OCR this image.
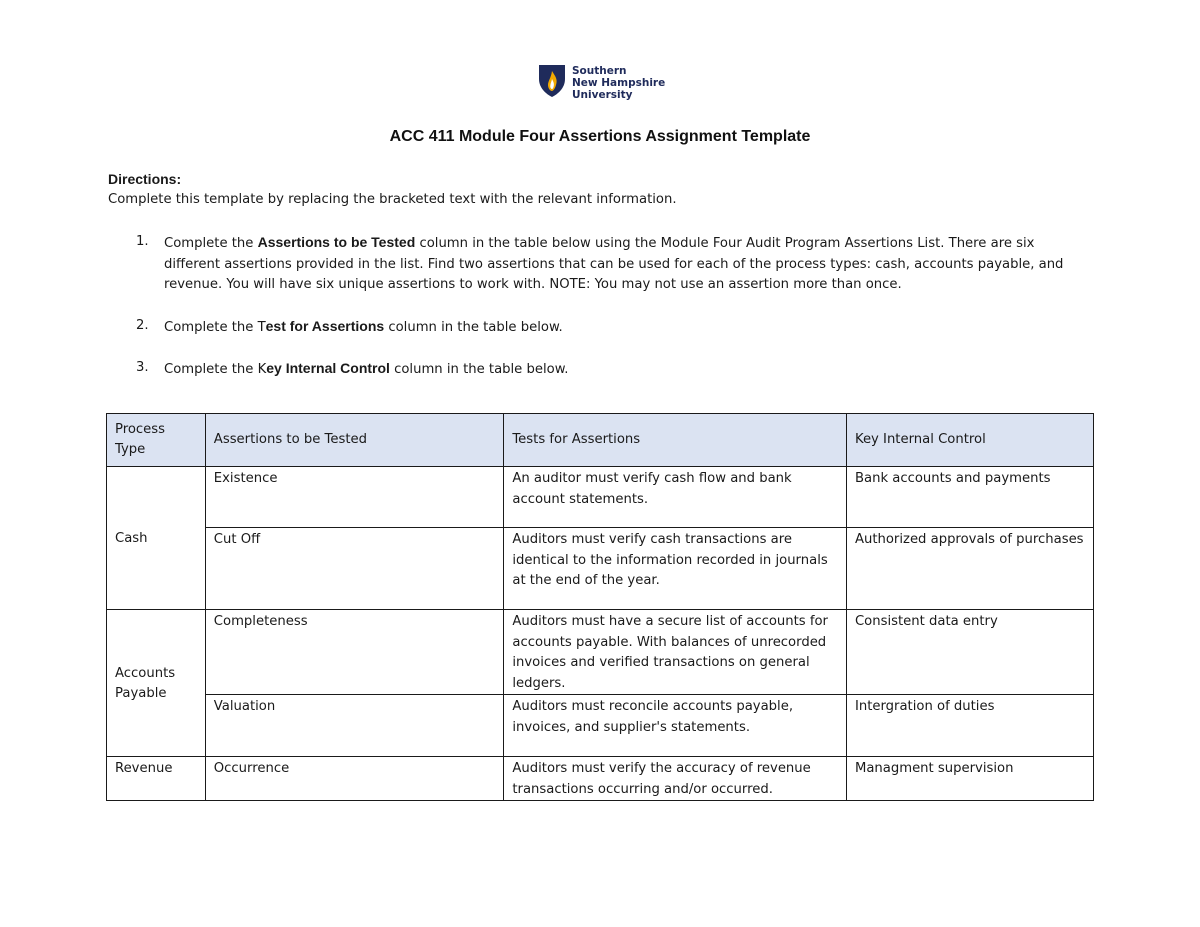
Southern
New Hampshire
University
ACC 411 Module Four Assertions Assignment Template
Directions:
Complete this template by replacing the bracketed text with the relevant information.
1. Complete the Assertions to be Tested column in the table below using the Module Four Audit Program Assertions List. There are six different assertions provided in the list. Find two assertions that can be used for each of the process types: cash, accounts payable, and revenue. You will have six unique assertions to work with. NOTE: You may not use an assertion more than once.
2. Complete the Test for Assertions column in the table below.
3. Complete the Key Internal Control column in the table below.
Process Type	Assertions to be Tested	Tests for Assertions	Key Internal Control
Cash	Existence	An auditor must verify cash flow and bank account statements.	Bank accounts and payments
	Cut Off	Auditors must verify cash transactions are identical to the information recorded in journals at the end of the year.	Authorized approvals of purchases
Accounts Payable	Completeness	Auditors must have a secure list of accounts for accounts payable. With balances of unrecorded invoices and verified transactions on general ledgers.	Consistent data entry
	Valuation	Auditors must reconcile accounts payable, invoices, and supplier's statements.	Intergration of duties
Revenue	Occurrence	Auditors must verify the accuracy of revenue transactions occurring and/or occurred.	Managment supervision
